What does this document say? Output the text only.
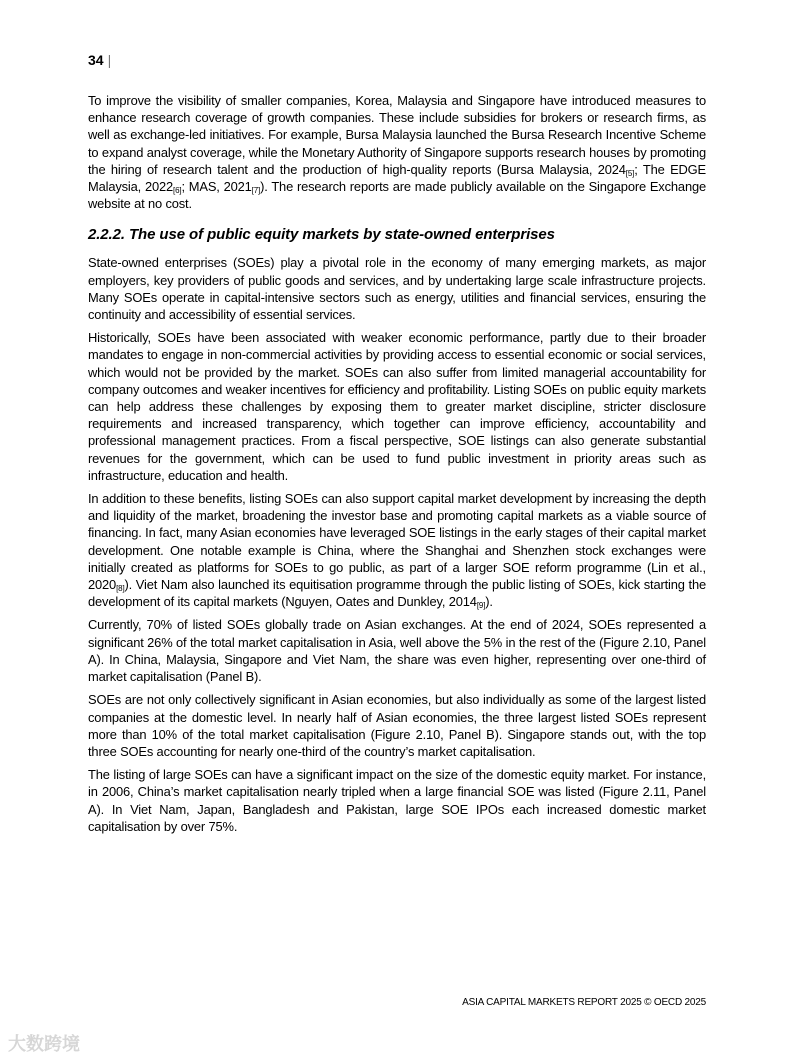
34 |

To improve the visibility of smaller companies, Korea, Malaysia and Singapore have introduced measures to enhance research coverage of growth companies. These include subsidies for brokers or research firms, as well as exchange-led initiatives. For example, Bursa Malaysia launched the Bursa Research Incentive Scheme to expand analyst coverage, while the Monetary Authority of Singapore supports research houses by promoting the hiring of research talent and the production of high-quality reports (Bursa Malaysia, $2024_{[5]}$; The EDGE Malaysia, $2022_{[6]}$; MAS, $2021_{[7]}$). The research reports are made publicly available on the Singapore Exchange website at no cost.

2.2.2. The use of public equity markets by state-owned enterprises

State-owned enterprises (SOEs) play a pivotal role in the economy of many emerging markets, as major employers, key providers of public goods and services, and by undertaking large scale infrastructure projects. Many SOEs operate in capital-intensive sectors such as energy, utilities and financial services, ensuring the continuity and accessibility of essential services.

Historically, SOEs have been associated with weaker economic performance, partly due to their broader mandates to engage in non-commercial activities by providing access to essential economic or social services, which would not be provided by the market. SOEs can also suffer from limited managerial accountability for company outcomes and weaker incentives for efficiency and profitability. Listing SOEs on public equity markets can help address these challenges by exposing them to greater market discipline, stricter disclosure requirements and increased transparency, which together can improve efficiency, accountability and professional management practices. From a fiscal perspective, SOE listings can also generate substantial revenues for the government, which can be used to fund public investment in priority areas such as infrastructure, education and health.

In addition to these benefits, listing SOEs can also support capital market development by increasing the depth and liquidity of the market, broadening the investor base and promoting capital markets as a viable source of financing. In fact, many Asian economies have leveraged SOE listings in the early stages of their capital market development. One notable example is China, where the Shanghai and Shenzhen stock exchanges were initially created as platforms for SOEs to go public, as part of a larger SOE reform programme (Lin et al., $2020_{[8]}$). Viet Nam also launched its equitisation programme through the public listing of SOEs, kick starting the development of its capital markets (Nguyen, Oates and Dunkley, $2014_{[9]}$).

Currently, 70% of listed SOEs globally trade on Asian exchanges. At the end of 2024, SOEs represented a significant 26% of the total market capitalisation in Asia, well above the 5% in the rest of the (Figure 2.10, Panel A). In China, Malaysia, Singapore and Viet Nam, the share was even higher, representing over one-third of market capitalisation (Panel B).

SOEs are not only collectively significant in Asian economies, but also individually as some of the largest listed companies at the domestic level. In nearly half of Asian economies, the three largest listed SOEs represent more than 10% of the total market capitalisation (Figure 2.10, Panel B). Singapore stands out, with the top three SOEs accounting for nearly one-third of the country’s market capitalisation.

The listing of large SOEs can have a significant impact on the size of the domestic equity market. For instance, in 2006, China’s market capitalisation nearly tripled when a large financial SOE was listed (Figure 2.11, Panel A). In Viet Nam, Japan, Bangladesh and Pakistan, large SOE IPOs each increased domestic market capitalisation by over 75%.

ASIA CAPITAL MARKETS REPORT 2025 © OECD 2025
大数跨境
